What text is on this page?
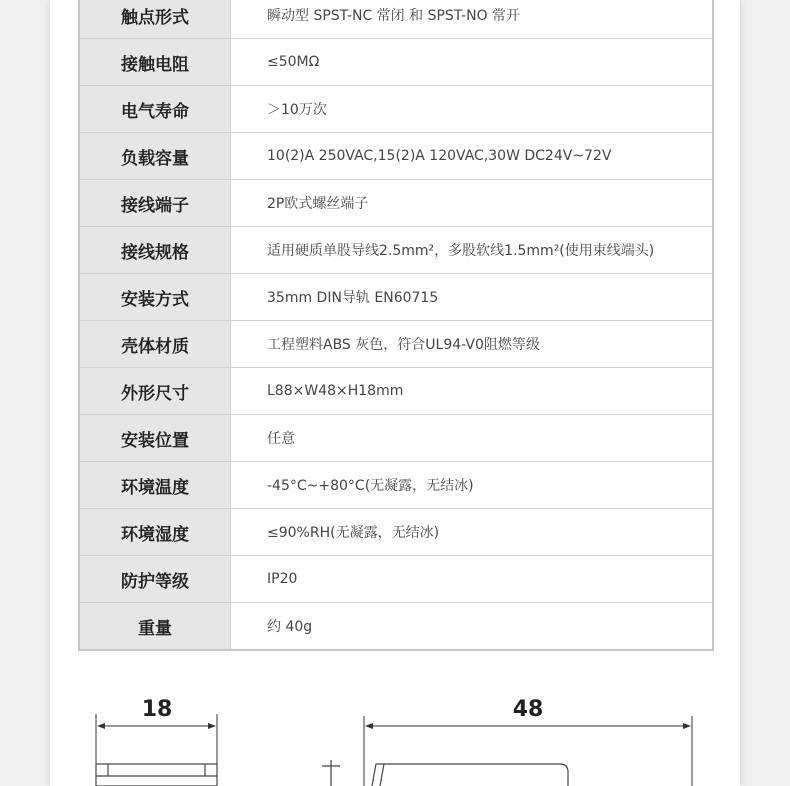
触点形式	瞬动型 SPST-NC 常闭 和 SPST-NO 常开
接触电阻	≤50MΩ
电气寿命	＞10万次
负载容量	10(2)A 250VAC,15(2)A 120VAC,30W DC24V~72V
接线端子	2P欧式螺丝端子
接线规格	适用硬质单股导线2.5mm²，多股软线1.5mm²(使用束线端头)
安装方式	35mm DIN导轨 EN60715
壳体材质	工程塑料ABS 灰色，符合UL94-V0阻燃等级
外形尺寸	L88×W48×H18mm
安装位置	任意
环境温度	-45°C~+80°C(无凝露，无结冰)
环境湿度	≤90%RH(无凝露，无结冰)
防护等级	IP20
重量	约 40g
18	48
